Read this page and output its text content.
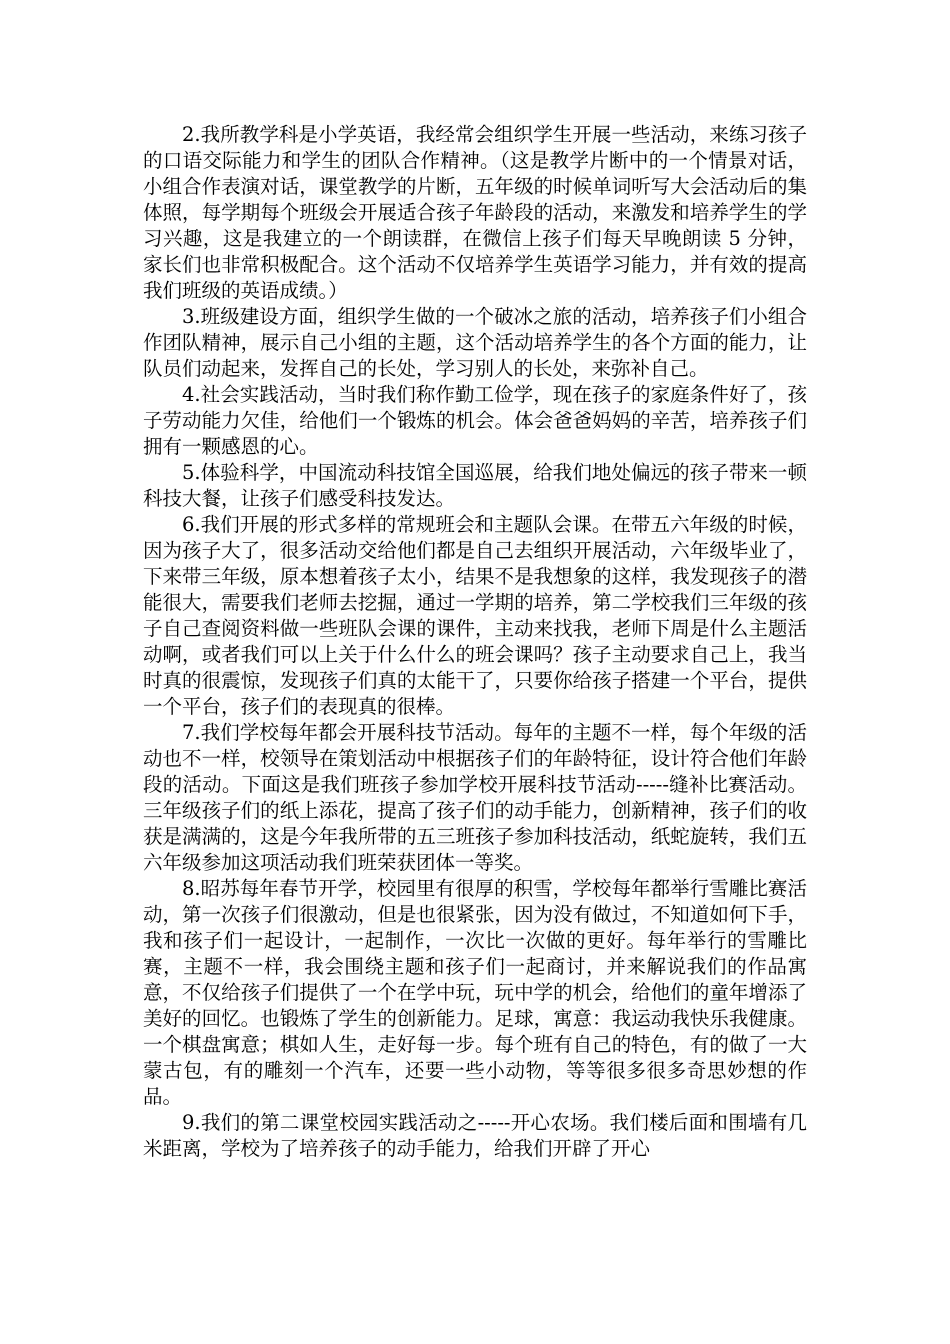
2.我所教学科是小学英语，我经常会组织学生开展一些活动，来练习孩子的口语交际能力和学生的团队合作精神。（这是教学片断中的一个情景对话，小组合作表演对话，课堂教学的片断，五年级的时候单词听写大会活动后的集体照，每学期每个班级会开展适合孩子年龄段的活动，来激发和培养学生的学习兴趣，这是我建立的一个朗读群，在微信上孩子们每天早晚朗读 5 分钟，家长们也非常积极配合。这个活动不仅培养学生英语学习能力，并有效的提高我们班级的英语成绩。）

3.班级建设方面，组织学生做的一个破冰之旅的活动，培养孩子们小组合作团队精神，展示自己小组的主题，这个活动培养学生的各个方面的能力，让队员们动起来，发挥自己的长处，学习别人的长处，来弥补自己。

4.社会实践活动，当时我们称作勤工俭学，现在孩子的家庭条件好了，孩子劳动能力欠佳，给他们一个锻炼的机会。体会爸爸妈妈的辛苦，培养孩子们拥有一颗感恩的心。

5.体验科学，中国流动科技馆全国巡展，给我们地处偏远的孩子带来一顿科技大餐，让孩子们感受科技发达。

6.我们开展的形式多样的常规班会和主题队会课。在带五六年级的时候，因为孩子大了，很多活动交给他们都是自己去组织开展活动，六年级毕业了，下来带三年级，原本想着孩子太小，结果不是我想象的这样，我发现孩子的潜能很大，需要我们老师去挖掘，通过一学期的培养，第二学校我们三年级的孩子自己查阅资料做一些班队会课的课件，主动来找我，老师下周是什么主题活动啊，或者我们可以上关于什么什么的班会课吗？孩子主动要求自己上，我当时真的很震惊，发现孩子们真的太能干了，只要你给孩子搭建一个平台，提供一个平台，孩子们的表现真的很棒。

7.我们学校每年都会开展科技节活动。每年的主题不一样，每个年级的活动也不一样，校领导在策划活动中根据孩子们的年龄特征，设计符合他们年龄段的活动。下面这是我们班孩子参加学校开展科技节活动-----缝补比赛活动。三年级孩子们的纸上添花，提高了孩子们的动手能力，创新精神，孩子们的收获是满满的，这是今年我所带的五三班孩子参加科技活动，纸蛇旋转，我们五六年级参加这项活动我们班荣获团体一等奖。

8.昭苏每年春节开学，校园里有很厚的积雪，学校每年都举行雪雕比赛活动，第一次孩子们很激动，但是也很紧张，因为没有做过，不知道如何下手，我和孩子们一起设计，一起制作，一次比一次做的更好。每年举行的雪雕比赛，主题不一样，我会围绕主题和孩子们一起商讨，并来解说我们的作品寓意，不仅给孩子们提供了一个在学中玩，玩中学的机会，给他们的童年增添了美好的回忆。也锻炼了学生的创新能力。足球，寓意：我运动我快乐我健康。一个棋盘寓意；棋如人生，走好每一步。每个班有自己的特色，有的做了一大蒙古包，有的雕刻一个汽车，还要一些小动物，等等很多很多奇思妙想的作品。

9.我们的第二课堂校园实践活动之-----开心农场。我们楼后面和围墙有几米距离，学校为了培养孩子的动手能力，给我们开辟了开心
